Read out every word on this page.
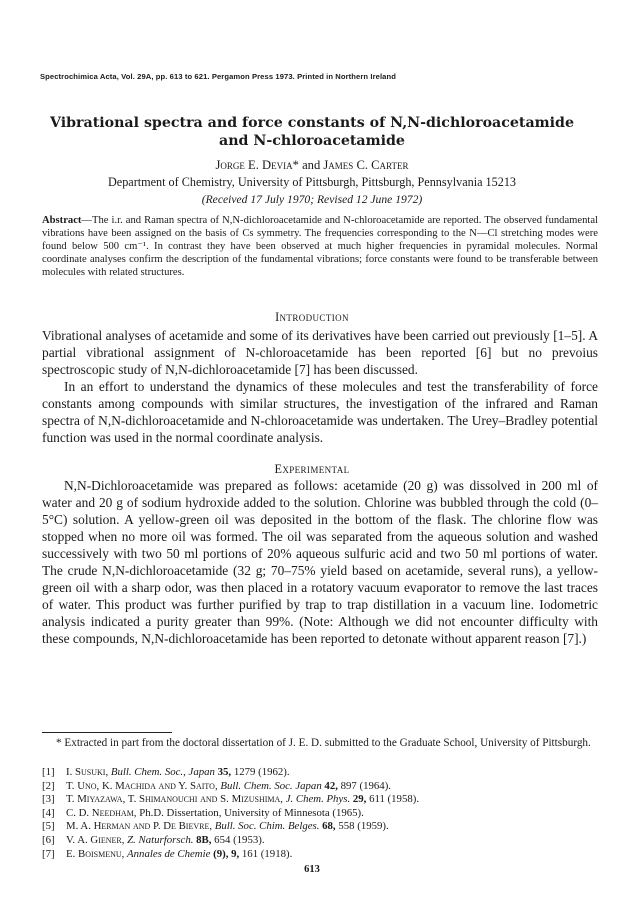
Spectrochimica Acta, Vol. 29A, pp. 613 to 621. Pergamon Press 1973. Printed in Northern Ireland
Vibrational spectra and force constants of N,N-dichloroacetamide
and N-chloroacetamide
Jorge E. Devia* and James C. Carter
Department of Chemistry, University of Pittsburgh, Pittsburgh, Pennsylvania 15213
(Received 17 July 1970; Revised 12 June 1972)
Abstract—The i.r. and Raman spectra of N,N-dichloroacetamide and N-chloroacetamide are reported. The observed fundamental vibrations have been assigned on the basis of Cs symmetry. The frequencies corresponding to the N—Cl stretching modes were found below 500 cm⁻¹. In contrast they have been observed at much higher frequencies in pyramidal molecules. Normal coordinate analyses confirm the description of the fundamental vibrations; force constants were found to be transferable between molecules with related structures.
Introduction

Vibrational analyses of acetamide and some of its derivatives have been carried out previously [1–5]. A partial vibrational assignment of N-chloroacetamide has been reported [6] but no prevoius spectroscopic study of N,N-dichloroacetamide [7] has been discussed.

In an effort to understand the dynamics of these molecules and test the transferability of force constants among compounds with similar structures, the investigation of the infrared and Raman spectra of N,N-dichloroacetamide and N-chloroacetamide was undertaken. The Urey–Bradley potential function was used in the normal coordinate analysis.

Experimental

N,N-Dichloroacetamide was prepared as follows: acetamide (20 g) was dissolved in 200 ml of water and 20 g of sodium hydroxide added to the solution. Chlorine was bubbled through the cold (0–5°C) solution. A yellow-green oil was deposited in the bottom of the flask. The chlorine flow was stopped when no more oil was formed. The oil was separated from the aqueous solution and washed successively with two 50 ml portions of 20% aqueous sulfuric acid and two 50 ml portions of water. The crude N,N-dichloroacetamide (32 g; 70–75% yield based on acetamide, several runs), a yellow-green oil with a sharp odor, was then placed in a rotatory vacuum evaporator to remove the last traces of water. This product was further purified by trap to trap distillation in a vacuum line. Iodometric analysis indicated a purity greater than 99%. (Note: Although we did not encounter difficulty with these compounds, N,N-dichloroacetamide has been reported to detonate without apparent reason [7].)

* Extracted in part from the doctoral dissertation of J. E. D. submitted to the Graduate School, University of Pittsburgh.
[1] I. Susuki, Bull. Chem. Soc., Japan 35, 1279 (1962).
[2] T. Uno, K. Machida and Y. Saito, Bull. Chem. Soc. Japan 42, 897 (1964).
[3] T. Miyazawa, T. Shimanouchi and S. Mizushima, J. Chem. Phys. 29, 611 (1958).
[4] C. D. Needham, Ph.D. Dissertation, University of Minnesota (1965).
[5] M. A. Herman and P. De Bievre, Bull. Soc. Chim. Belges. 68, 558 (1959).
[6] V. A. Giener, Z. Naturforsch. 8B, 654 (1953).
[7] E. Boismenu, Annales de Chemie (9), 9, 161 (1918).
613
